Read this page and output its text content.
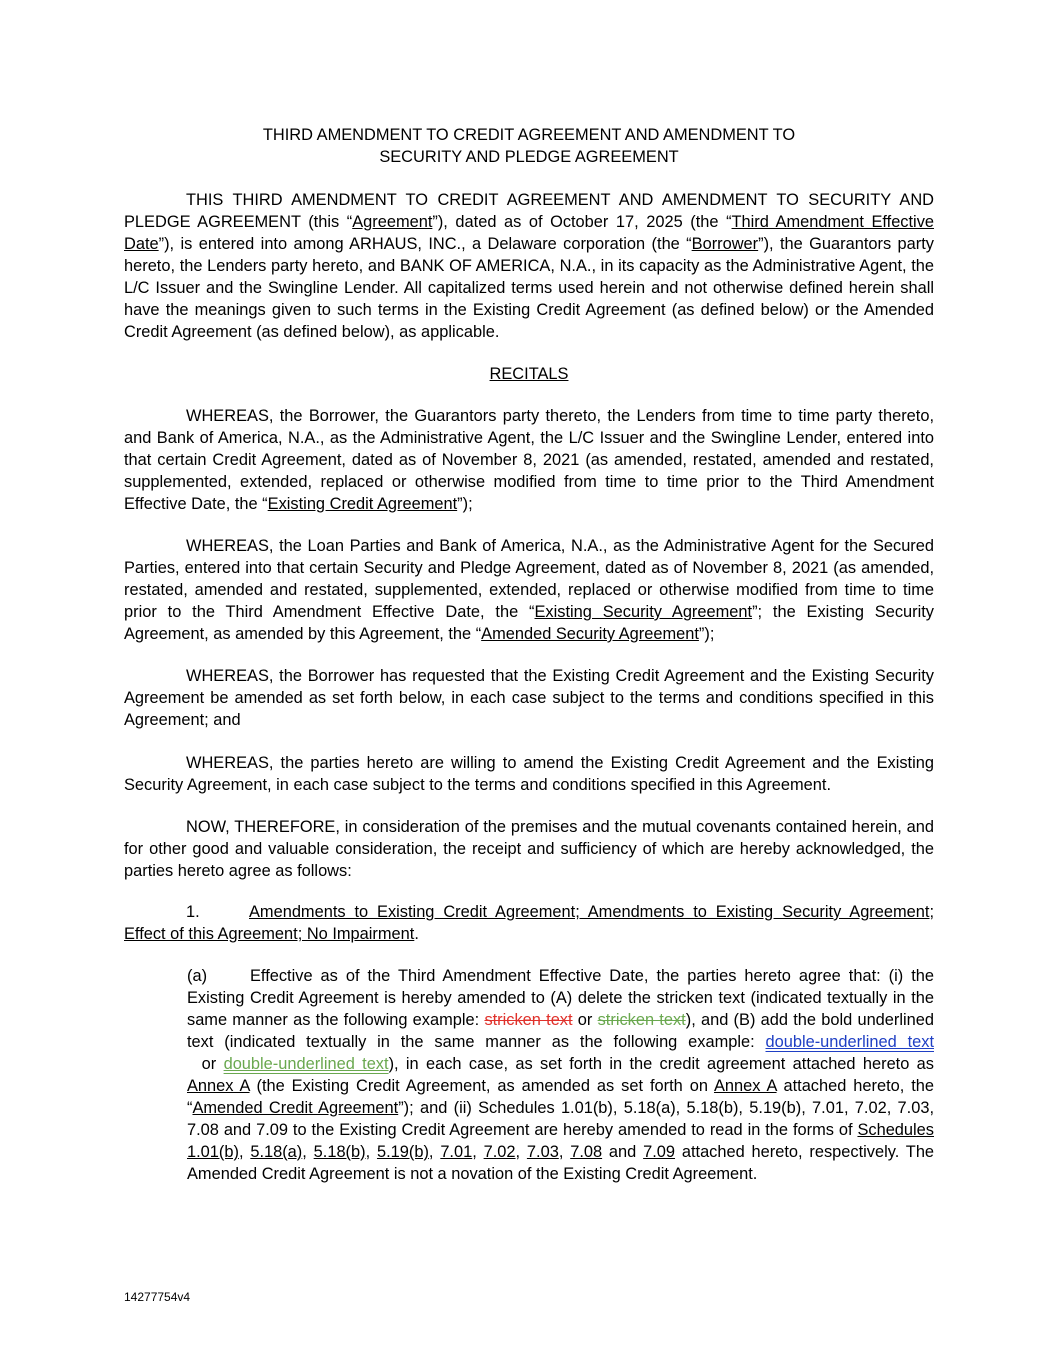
THIRD AMENDMENT TO CREDIT AGREEMENT AND AMENDMENT TO
SECURITY AND PLEDGE AGREEMENT

THIS THIRD AMENDMENT TO CREDIT AGREEMENT AND AMENDMENT TO SECURITY AND PLEDGE AGREEMENT (this “Agreement”), dated as of October 17, 2025 (the “Third Amendment Effective Date”), is entered into among ARHAUS, INC., a Delaware corporation (the “Borrower”), the Guarantors party hereto, the Lenders party hereto, and BANK OF AMERICA, N.A., in its capacity as the Administrative Agent, the L/C Issuer and the Swingline Lender. All capitalized terms used herein and not otherwise defined herein shall have the meanings given to such terms in the Existing Credit Agreement (as defined below) or the Amended Credit Agreement (as defined below), as applicable.

RECITALS

WHEREAS, the Borrower, the Guarantors party thereto, the Lenders from time to time party thereto, and Bank of America, N.A., as the Administrative Agent, the L/C Issuer and the Swingline Lender, entered into that certain Credit Agreement, dated as of November 8, 2021 (as amended, restated, amended and restated, supplemented, extended, replaced or otherwise modified from time to time prior to the Third Amendment Effective Date, the “Existing Credit Agreement”);

WHEREAS, the Loan Parties and Bank of America, N.A., as the Administrative Agent for the Secured Parties, entered into that certain Security and Pledge Agreement, dated as of November 8, 2021 (as amended, restated, amended and restated, supplemented, extended, replaced or otherwise modified from time to time prior to the Third Amendment Effective Date, the “Existing Security Agreement”; the Existing Security Agreement, as amended by this Agreement, the “Amended Security Agreement”);

WHEREAS, the Borrower has requested that the Existing Credit Agreement and the Existing Security Agreement be amended as set forth below, in each case subject to the terms and conditions specified in this Agreement; and

WHEREAS, the parties hereto are willing to amend the Existing Credit Agreement and the Existing Security Agreement, in each case subject to the terms and conditions specified in this Agreement.

NOW, THEREFORE, in consideration of the premises and the mutual covenants contained herein, and for other good and valuable consideration, the receipt and sufficiency of which are hereby acknowledged, the parties hereto agree as follows:

1.	Amendments to Existing Credit Agreement; Amendments to Existing Security Agreement; Effect of this Agreement; No Impairment.

(a)	Effective as of the Third Amendment Effective Date, the parties hereto agree that: (i) the Existing Credit Agreement is hereby amended to (A) delete the stricken text (indicated textually in the same manner as the following example: stricken text or stricken text), and (B) add the bold underlined text (indicated textually in the same manner as the following example: double-underlined text  or double-underlined text), in each case, as set forth in the credit agreement attached hereto as Annex A (the Existing Credit Agreement, as amended as set forth on Annex A attached hereto, the “Amended Credit Agreement”); and (ii) Schedules 1.01(b), 5.18(a), 5.18(b), 5.19(b), 7.01, 7.02, 7.03, 7.08 and 7.09 to the Existing Credit Agreement are hereby amended to read in the forms of Schedules 1.01(b), 5.18(a), 5.18(b), 5.19(b), 7.01, 7.02, 7.03, 7.08 and 7.09 attached hereto, respectively. The Amended Credit Agreement is not a novation of the Existing Credit Agreement.

14277754v4
